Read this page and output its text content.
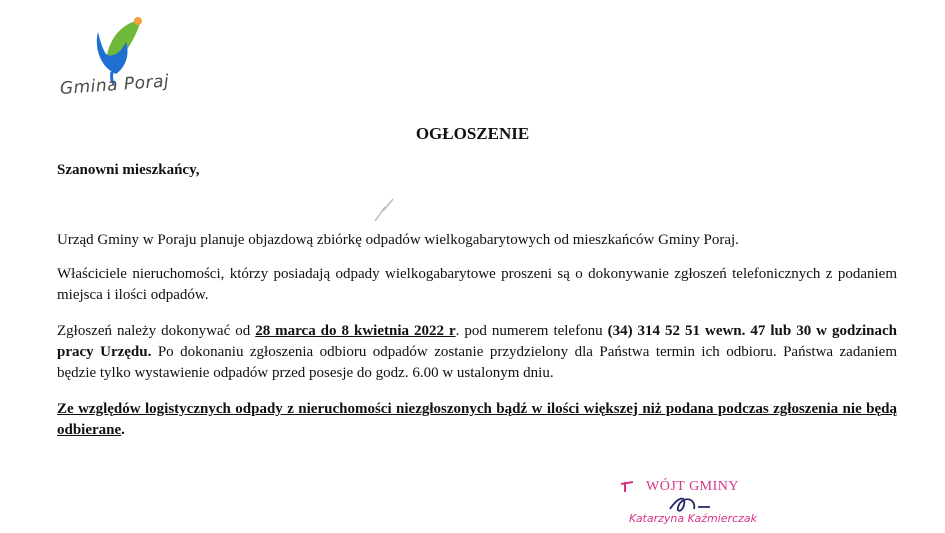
Gmina Poraj
OGŁOSZENIE
Szanowni mieszkańcy,

Urząd Gminy w Poraju planuje objazdową zbiórkę odpadów wielkogabarytowych od mieszkańców Gminy Poraj.

Właściciele nieruchomości, którzy posiadają odpady wielkogabarytowe proszeni są o dokonywanie zgłoszeń telefonicznych z podaniem miejsca i ilości odpadów.

Zgłoszeń należy dokonywać od 28 marca do 8 kwietnia 2022 r. pod numerem telefonu (34) 314 52 51 wewn. 47 lub 30 w godzinach pracy Urzędu. Po dokonaniu zgłoszenia odbioru odpadów zostanie przydzielony dla Państwa termin ich odbioru. Państwa zadaniem będzie tylko wystawienie odpadów przed posesje do godz. 6.00 w ustalonym dniu.

Ze względów logistycznych odpady z nieruchomości niezgłoszonych bądź w ilości większej niż podana podczas zgłoszenia nie będą odbierane.

WÓJT GMINY
Katarzyna Kaźmierczak
